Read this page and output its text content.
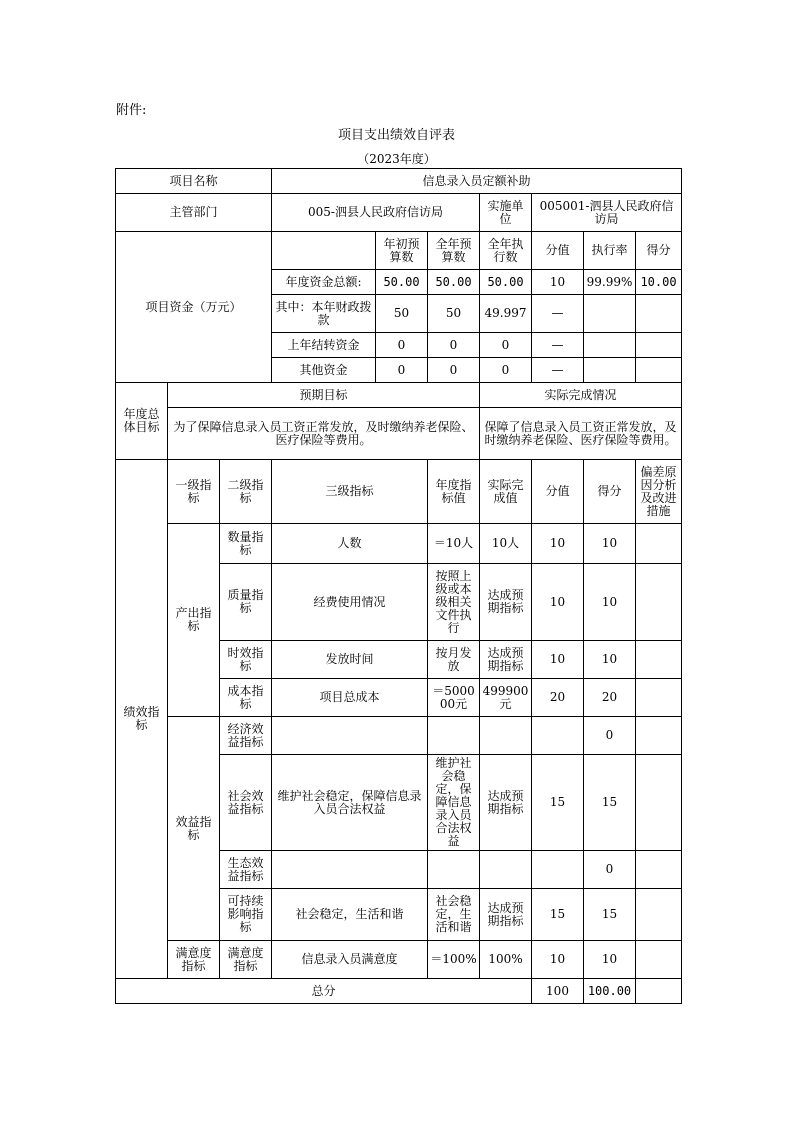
附件:
项目支出绩效自评表
（2023年度）
项目名称			信息录入员定额补助						
主管部门			005-泗县人民政府信访局			实施单位	005001-泗县人民政府信访局		
项目资金（万元）				年初预算数	全年预算数	全年执行数	分值	执行率	得分
			年度资金总额:	50.00	50.00	50.00	10	99.99%	10.00
			其中：本年财政拨款	50	50	49.997	—		
			上年结转资金	0	0	0	—		
			其他资金	0	0	0	—		
年度总体目标	预期目标					实际完成情况			
	为了保障信息录入员工资正常发放，及时缴纳养老保险、医疗保险等费用。					保障了信息录入员工资正常发放，及时缴纳养老保险、医疗保险等费用。			
绩效指标	一级指标	二级指标	三级指标		年度指标值	实际完成值	分值	得分	偏差原因分析及改进措施
	产出指标	数量指标	人数		＝10人	10人	10	10	
		质量指标	经费使用情况		按照上级或本级相关文件执行	达成预期指标	10	10	
		时效指标	发放时间		按月发放	达成预期指标	10	10	
		成本指标	项目总成本		＝500000元	499900元	20	20	
	效益指标	经济效益指标						0	
		社会效益指标	维护社会稳定，保障信息录入员合法权益		维护社会稳定，保障信息录入员合法权益	达成预期指标	15	15	
		生态效益指标						0	
		可持续影响指标	社会稳定，生活和谐		社会稳定，生活和谐	达成预期指标	15	15	
	满意度指标	满意度指标	信息录入员满意度		＝100%	100%	10	10	
总分							100	100.00	
